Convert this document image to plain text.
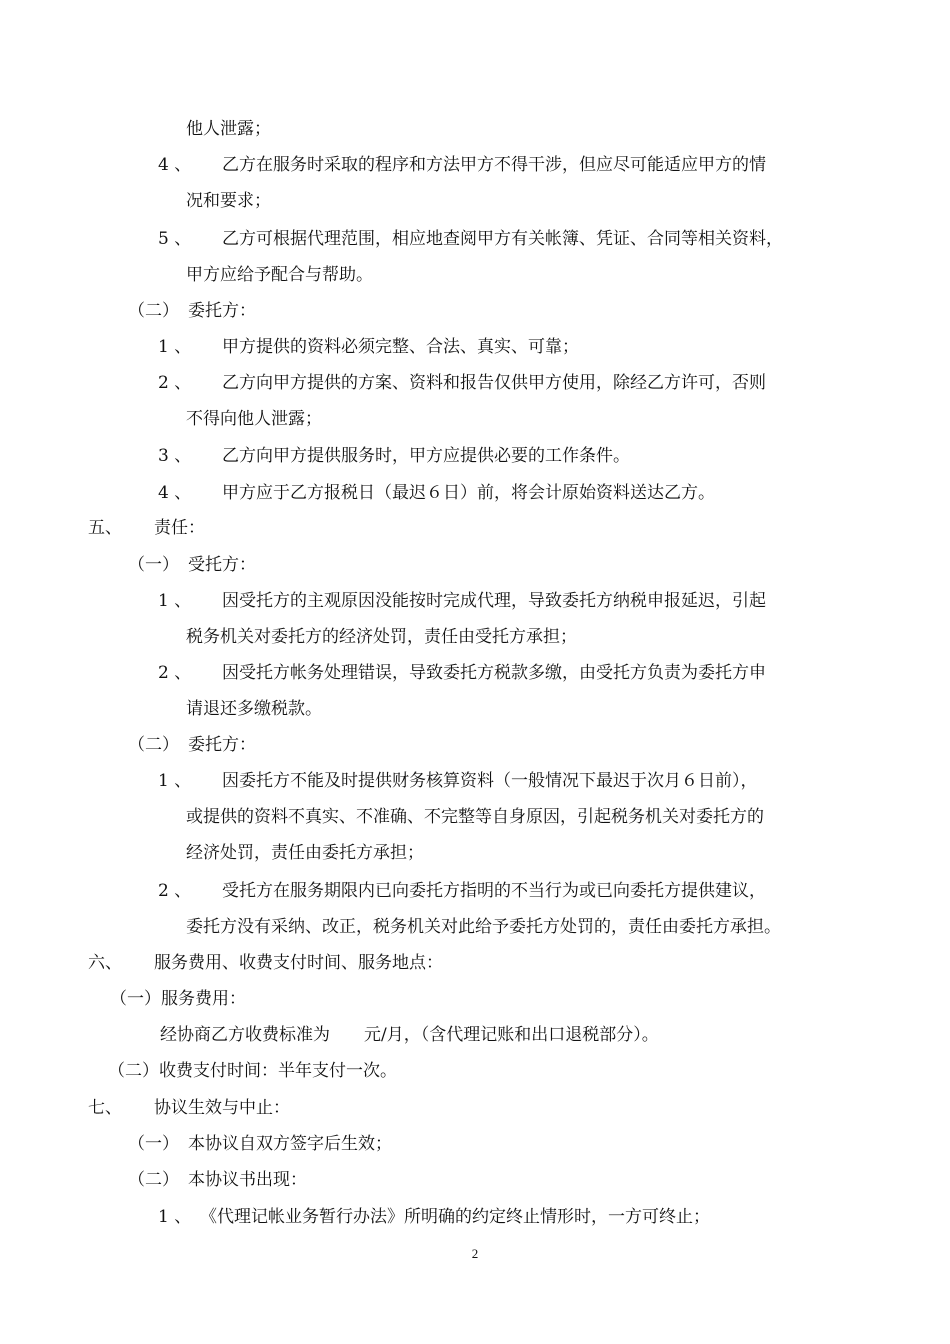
他人泄露；
4 、 乙方在服务时采取的程序和方法甲方不得干涉，但应尽可能适应甲方的情
况和要求；
5 、 乙方可根据代理范围，相应地查阅甲方有关帐簿、凭证、合同等相关资料，
甲方应给予配合与帮助。
（二） 委托方：
1 、 甲方提供的资料必须完整、合法、真实、可靠；
2 、 乙方向甲方提供的方案、资料和报告仅供甲方使用，除经乙方许可，否则
不得向他人泄露；
3 、 乙方向甲方提供服务时，甲方应提供必要的工作条件。
4 、 甲方应于乙方报税日（最迟６日）前，将会计原始资料送达乙方。
五、 责任：
（一） 受托方：
1 、 因受托方的主观原因没能按时完成代理，导致委托方纳税申报延迟，引起
税务机关对委托方的经济处罚，责任由受托方承担；
2 、 因受托方帐务处理错误，导致委托方税款多缴，由受托方负责为委托方申
请退还多缴税款。
（二） 委托方：
1 、 因委托方不能及时提供财务核算资料（一般情况下最迟于次月６日前），
或提供的资料不真实、不准确、不完整等自身原因，引起税务机关对委托方的
经济处罚，责任由委托方承担；
2 、 受托方在服务期限内已向委托方指明的不当行为或已向委托方提供建议，
委托方没有采纳、改正，税务机关对此给予委托方处罚的，责任由委托方承担。
六、 服务费用、收费支付时间、服务地点：
（一）服务费用：
经协商乙方收费标准为　　元/月，（含代理记账和出口退税部分）。
（二）收费支付时间：半年支付一次。
七、 协议生效与中止：
（一） 本协议自双方签字后生效；
（二） 本协议书出现：
1 、 《代理记帐业务暂行办法》所明确的约定终止情形时，一方可终止；
2
